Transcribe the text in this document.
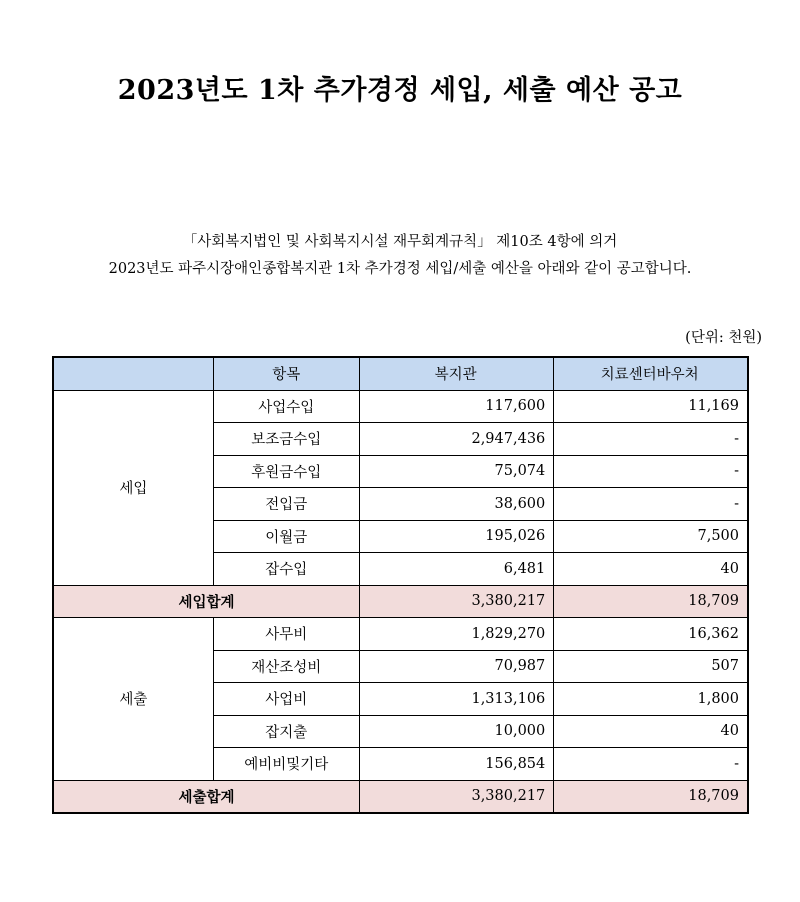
2023년도 1차 추가경정 세입, 세출 예산 공고
「사회복지법인 및 사회복지시설 재무회계규칙」 제10조 4항에 의거
2023년도 파주시장애인종합복지관 1차 추가경정 세입/세출 예산을 아래와 같이 공고합니다.
(단위: 천원)
	항목	복지관	치료센터바우처
세입	사업수입	117,600	11,169
	보조금수입	2,947,436	-
	후원금수입	75,074	-
	전입금	38,600	-
	이월금	195,026	7,500
	잡수입	6,481	40
세입합계		3,380,217	18,709
세출	사무비	1,829,270	16,362
	재산조성비	70,987	507
	사업비	1,313,106	1,800
	잡지출	10,000	40
	예비비및기타	156,854	-
세출합계		3,380,217	18,709
